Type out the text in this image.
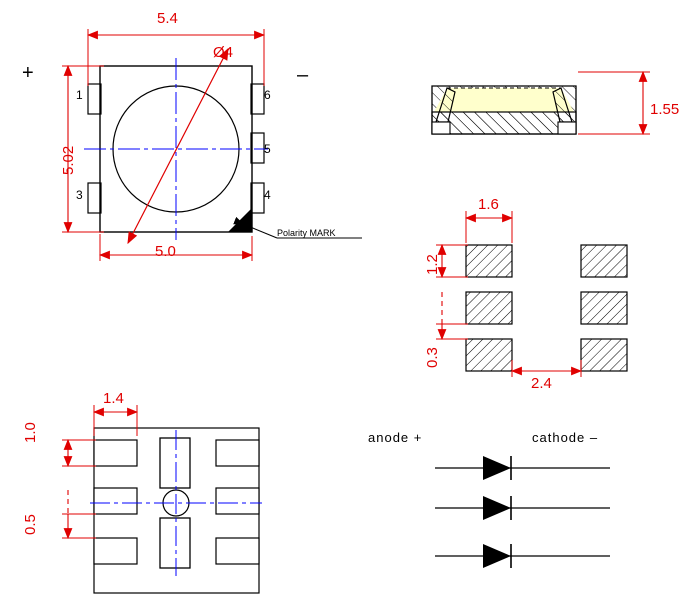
5.4
Ø4
5.0
5.02
+	–
1	6
5
3	4
Polarity MARK
1.55
1.6
1.2
0.3
2.4
1.4
1.0
0.5
anode +	cathode –
